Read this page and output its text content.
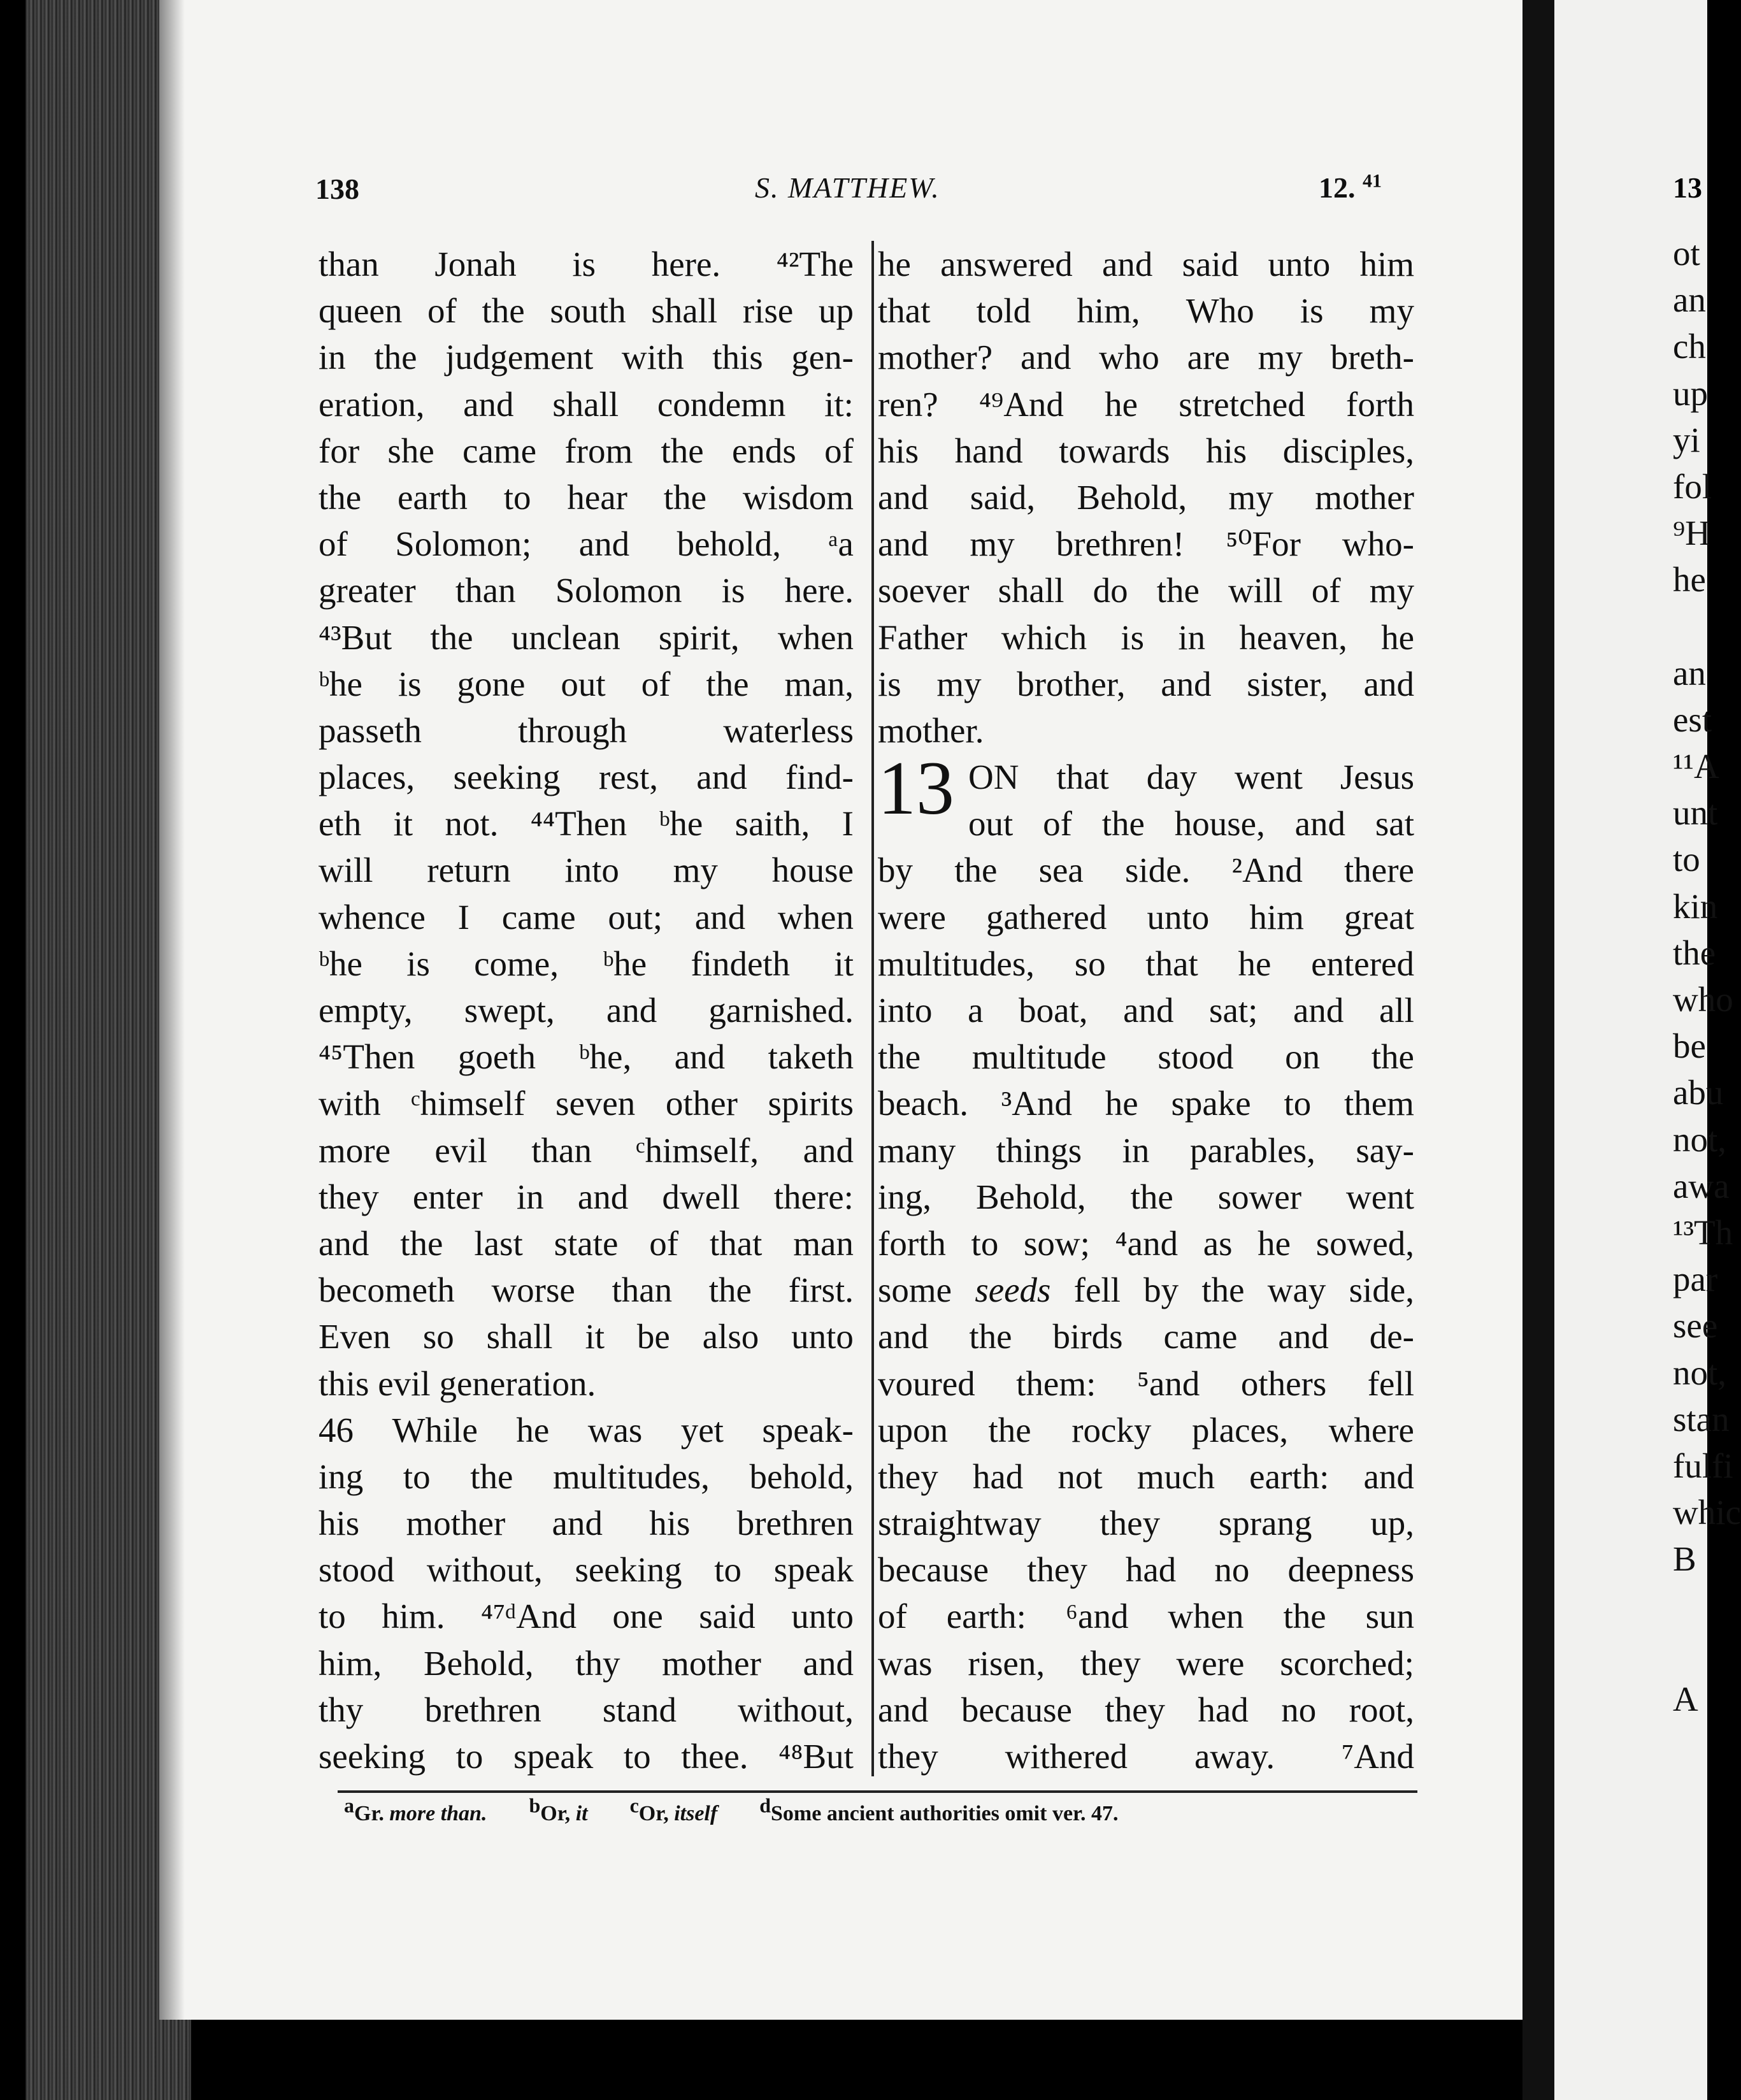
13
ot
an
ch
up
yi
fol
⁹H
he
an
est
¹¹A
unt
to
kin
the
who
be
abu
not,
awa
¹³Th
par
see
not,
stan
fulfi
whic
B
A
138	S. MATTHEW.	12. $^{41}$
than Jonah is here. ⁴²The
queen of the south shall rise up
in the judgement with this gen-
eration, and shall condemn it:
for she came from the ends of
the earth to hear the wisdom
of Solomon; and behold, ᵃa
greater than Solomon is here.
⁴³But the unclean spirit, when
ᵇhe is gone out of the man,
passeth	through	waterless
places, seeking rest, and find-
eth it not. ⁴⁴Then ᵇhe saith, I
will return into my house
whence I came out; and when
ᵇhe is come, ᵇhe findeth it
empty, swept, and garnished.
⁴⁵Then goeth ᵇhe, and taketh
with ᶜhimself seven other spirits
more evil than ᶜhimself, and
they enter in and dwell there:
and the last state of that man
becometh worse than the first.
Even so shall it be also unto
this evil generation.
46 While he was yet speak-
ing to the multitudes, behold,
his mother and his brethren
stood without, seeking to speak
to him. ⁴⁷ᵈAnd one said unto
him, Behold, thy mother and
thy brethren stand without,
seeking to speak to thee. ⁴⁸But
he answered and said unto him
that told him, Who is my
mother? and who are my breth-
ren? ⁴⁹And he stretched forth
his hand towards his disciples,
and said, Behold, my mother
and my brethren! ⁵⁰For who-
soever shall do the will of my
Father which is in heaven, he
is my brother, and sister, and
mother.
13 ON that day went Jesus
out of the house, and sat
by the sea side. ²And there
were gathered unto him great
multitudes, so that he entered
into a boat, and sat; and all
the multitude stood on the
beach. ³And he spake to them
many things in parables, say-
ing, Behold, the sower went
forth to sow; ⁴and as he sowed,
some seeds fell by the way side,
and the birds came and de-
voured them: ⁵and others fell
upon the rocky places, where
they had not much earth: and
straightway they sprang up,
because they had no deepness
of earth: ⁶and when the sun
was risen, they were scorched;
and because they had no root,
they withered away. ⁷And
$^a$Gr. more than. $^b$Or, it $^c$Or, itself $^d$Some ancient authorities omit ver. 47.
